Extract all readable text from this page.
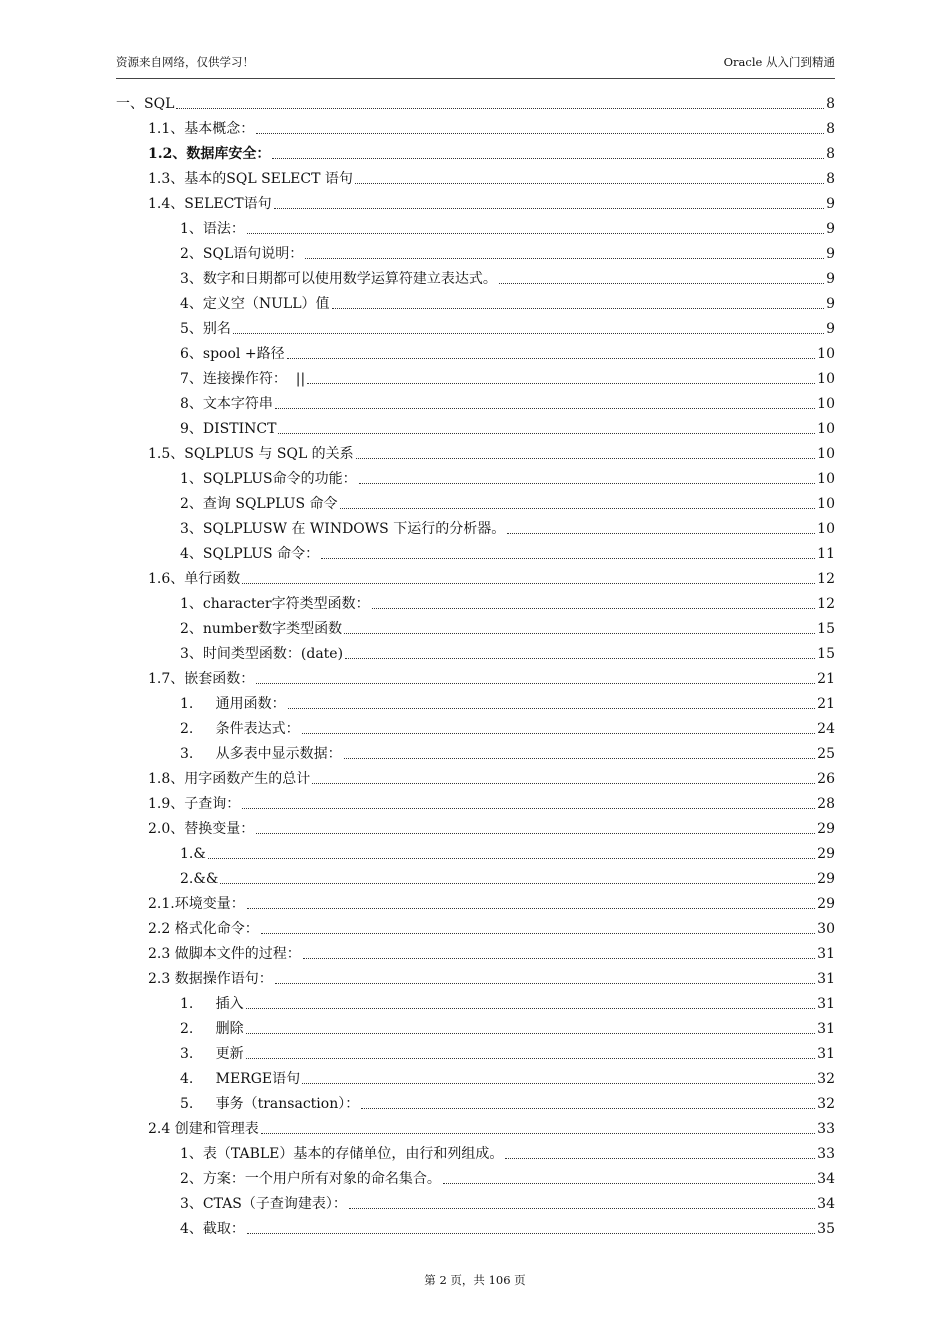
资源来自网络，仅供学习！	Oracle 从入门到精通
一、SQL	8
1.1、基本概念：	8
1.2、数据库安全：	8
1.3、基本的SQL SELECT 语句	8
1.4、SELECT语句	9
1、语法：	9
2、SQL语句说明：	9
3、数字和日期都可以使用数学运算符建立表达式。	9
4、定义空（NULL）值	9
5、别名	9
6、spool +路径	10
7、连接操作符：  ||	10
8、文本字符串	10
9、DISTINCT	10
1.5、SQLPLUS 与 SQL 的关系	10
1、SQLPLUS命令的功能：	10
2、查询 SQLPLUS 命令	10
3、SQLPLUSW 在 WINDOWS 下运行的分析器。	10
4、SQLPLUS 命令：	11
1.6、单行函数	12
1、character字符类型函数：	12
2、number数字类型函数	15
3、时间类型函数：(date)	15
1.7、嵌套函数：	21
1.     通用函数：	21
2.     条件表达式：	24
3.     从多表中显示数据：	25
1.8、用字函数产生的总计	26
1.9、子查询：	28
2.0、替换变量：	29
1.&	29
2.&&	29
2.1.环境变量：	29
2.2 格式化命令：	30
2.3 做脚本文件的过程：	31
2.3 数据操作语句：	31
1.     插入	31
2.     删除	31
3.     更新	31
4.     MERGE语句	32
5.     事务（transaction）：	32
2.4 创建和管理表	33
1、表（TABLE）基本的存储单位，由行和列组成。	33
2、方案：一个用户所有对象的命名集合。	34
3、CTAS（子查询建表）：	34
4、截取：	35
第 2 页，共 106 页
